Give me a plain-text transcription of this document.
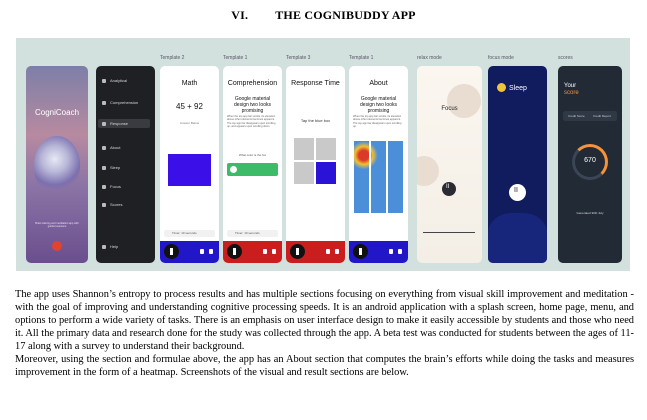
VI. THE COGNIBUDDY APP
Template 2	Template 1	Template 3	Template 1	relax mode	focus mode	scores
CogniCoach
Brain training and meditation app with guided sessions
Analytical
Comprehension
Response
About
Sleep
Focus
Scores
Help
Math
45 + 92
Answer Below
Timer: 10 seconds
Comprehension
Google material design two looks promising
When the top app bar scrolls, its elevation above other elements becomes apparent. The top app bar disappears upon scrolling up, and appears upon scrolling down.
What color is the fox
Timer: 10 seconds
Response Time
Tap the blue box
About
Google material design two looks promising
When the top app bar scrolls, its elevation above other elements becomes apparent. The top app bar disappears upon scrolling up.
Focus
II
Sleep
II	Your
score
Credit Score	Credit Report
670
Generated 30th July

The app uses Shannon’s entropy to process results and has multiple sections focusing on everything from visual skill improvement and meditation - with the goal of improving and understanding cognitive processing speeds. It is an android application with a splash screen, home page, menu, and options to perform a wide variety of tasks. There is an emphasis on user interface design to make it easily accessible by students and those who need it. All the primary data and research done for the study was collected through the app. A beta test was conducted for students between the ages of 11-17 along with a survey to understand their background.

Moreover, using the section and formulae above, the app has an About section that computes the brain’s efforts while doing the tasks and measures improvement in the form of a heatmap. Screenshots of the visual and result sections are below.
